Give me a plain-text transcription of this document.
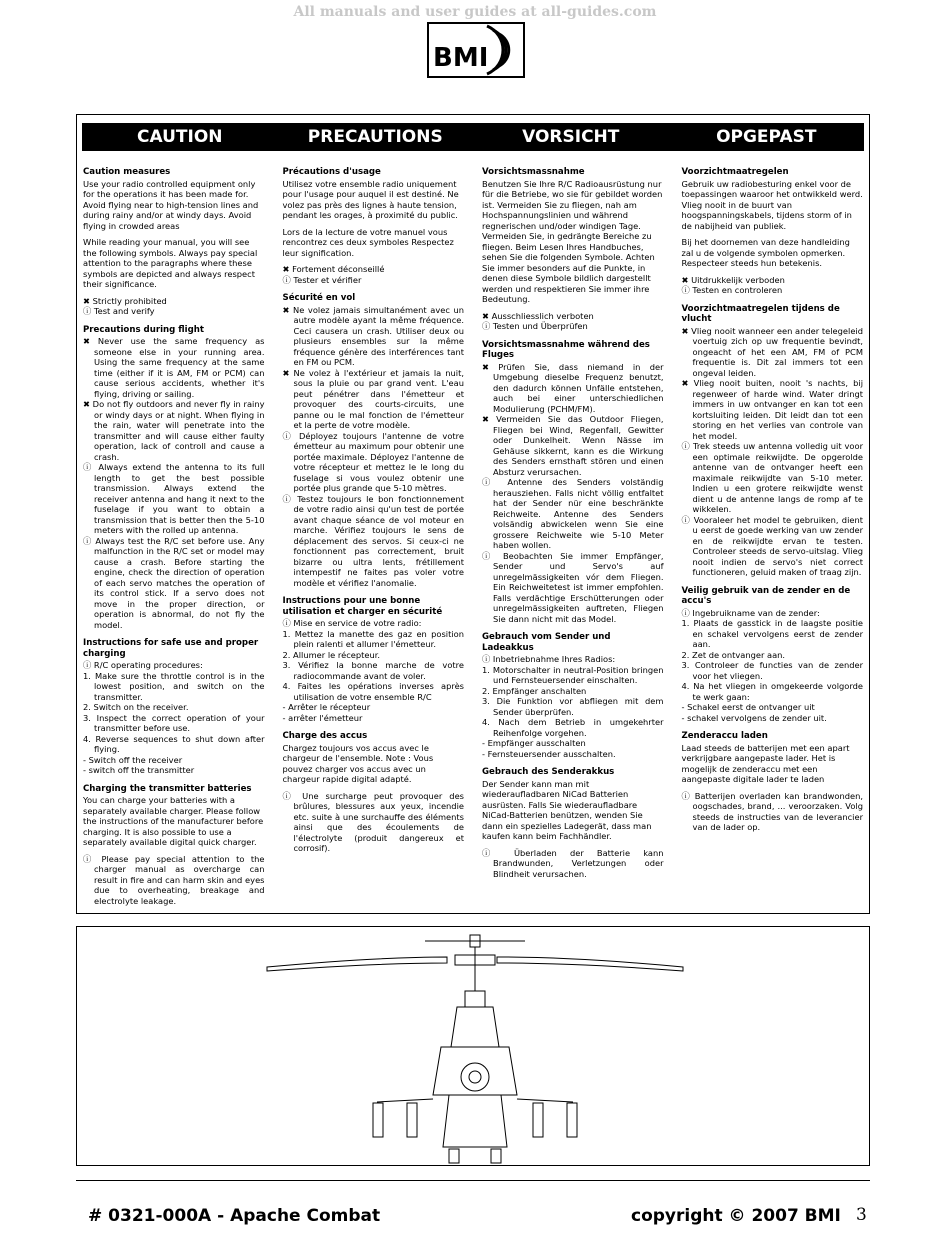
All manuals and user guides at all-guides.com
BMI
CAUTION	PRECAUTIONS	VORSICHT	OPGEPAST
Caution measures

Use your radio controlled equipment only for the operations it has been made for. Avoid flying near to high-tension lines and during rainy and/or at windy days. Avoid flying in crowded areas

While reading your manual, you will see the following symbols. Always pay special attention to the paragraphs where these symbols are depicted and always respect their significance.

✖ Strictly prohibited
ⓘ Test and verify
Precautions during flight
✖ Never use the same frequency as someone else in your running area. Using the same frequency at the same time (either if it is AM, FM or PCM) can cause serious accidents, whether it's flying, driving or sailing.
✖ Do not fly outdoors and never fly in rainy or windy days or at night. When flying in the rain, water will penetrate into the transmitter and will cause either faulty operation, lack of controll and cause a crash.
ⓘ Always extend the antenna to its full length to get the best possible transmission. Always extend the receiver antenna and hang it next to the fuselage if you want to obtain a transmission that is better then the 5-10 meters with the rolled up antenna.
ⓘ Always test the R/C set before use. Any malfunction in the R/C set or model may cause a crash. Before starting the engine, check the direction of operation of each servo matches the operation of its control stick. If a servo does not move in the proper direction, or operation is abnormal, do not fly the model.
Instructions for safe use and proper charging
ⓘ R/C operating procedures:
1. Make sure the throttle control is in the lowest position, and switch on the transmitter.
2. Switch on the receiver.
3. Inspect the correct operation of your transmitter before use.
4. Reverse sequences to shut down after flying.
- Switch off the receiver
- switch off the transmitter
Charging the transmitter batteries

You can charge your batteries with a separately available charger. Please follow the instructions of the manufacturer before charging. It is also possible to use a separately available digital quick charger.

ⓘ Please pay special attention to the charger manual as overcharge can result in fire and can harm skin and eyes due to overheating, breakage and electrolyte leakage.
Précautions d'usage

Utilisez votre ensemble radio uniquement pour l'usage pour auquel il est destiné. Ne volez pas près des lignes à haute tension, pendant les orages, à proximité du public.

Lors de la lecture de votre manuel vous rencontrez ces deux symboles Respectez leur signification.

✖ Fortement déconseillé
ⓘ Tester et vérifier
Sécurité en vol
✖ Ne volez jamais simultanément avec un autre modèle ayant la même fréquence. Ceci causera un crash. Utiliser deux ou plusieurs ensembles sur la même fréquence génère des interférences tant en FM ou PCM.
✖ Ne volez à l'extérieur et jamais la nuit, sous la pluie ou par grand vent. L'eau peut pénétrer dans l'émetteur et provoquer des courts-circuits, une panne ou le mal fonction de l'émetteur et la perte de votre modèle.
ⓘ Déployez toujours l'antenne de votre émetteur au maximum pour obtenir une portée maximale. Déployez l'antenne de votre récepteur et mettez le le long du fuselage si vous voulez obtenir une portée plus grande que 5-10 mètres.
ⓘ Testez toujours le bon fonctionnement de votre radio ainsi qu'un test de portée avant chaque séance de vol moteur en marche. Vérifiez toujours le sens de déplacement des servos. Si ceux-ci ne fonctionnent pas correctement, bruit bizarre ou ultra lents, frétillement intempestif ne faites pas voler votre modèle et vérifiez l'anomalie.
Instructions pour une bonne utilisation et charger en sécurité
ⓘ Mise en service de votre radio:
1. Mettez la manette des gaz en position plein ralenti et allumer l'émetteur.
2. Allumer le récepteur.
3. Vérifiez la bonne marche de votre radiocommande avant de voler.
4. Faites les opérations inverses après utilisation de votre ensemble R/C
- Arrêter le récepteur
- arrêter l'émetteur
Charge des accus

Chargez toujours vos accus avec le chargeur de l'ensemble. Note : Vous pouvez charger vos accus avec un chargeur rapide digital adapté.

ⓘ Une surcharge peut provoquer des brûlures, blessures aux yeux, incendie etc. suite à une surchauffe des éléments ainsi que des écoulements de l'électrolyte (produit dangereux et corrosif).
Vorsichtsmassnahme

Benutzen Sie Ihre R/C Radioausrüstung nur für die Betriebe, wo sie für gebildet worden ist. Vermeiden Sie zu fliegen, nah am Hochspannungslinien und während regnerischen und/oder windigen Tage. Vermeiden Sie, in gedrängte Bereiche zu fliegen. Beim Lesen Ihres Handbuches, sehen Sie die folgenden Symbole. Achten Sie immer besonders auf die Punkte, in denen diese Symbole bildlich dargestellt werden und respektieren Sie immer ihre Bedeutung.

✖ Ausschliesslich verboten
ⓘ Testen und Überprüfen
Vorsichtsmassnahme während des Fluges
✖ Prüfen Sie, dass niemand in der Umgebung dieselbe Frequenz benutzt, den dadurch können Unfälle entstehen, auch bei einer unterschiedlichen Modulierung (PCHM/FM).
✖ Vermeiden Sie das Outdoor Fliegen, Fliegen bei Wind, Regenfall, Gewitter oder Dunkelheit. Wenn Nässe im Gehäuse sikkernt, kann es die Wirkung des Senders ernsthaft stören und einen Absturz verursachen.
ⓘ Antenne des Senders volständig herausziehen. Falls nicht völlig entfaltet hat der Sender nür eine beschränkte Reichweite. Antenne des Senders volsändig abwickelen wenn Sie eine grossere Reichweite wie 5-10 Meter haben wollen.
ⓘ Beobachten Sie immer Empfänger, Sender und Servo's auf unregelmässigkeiten vór dem Fliegen. Ein Reichweitetest ist immer empfohlen. Falls verdächtige Erschütterungen oder unregelmässigkeiten auftreten, Fliegen Sie dann nicht mit das Model.
Gebrauch vom Sender und Ladeakkus
ⓘ Inbetriebnahme Ihres Radios:
1. Motorschalter in neutral-Position bringen und Fernsteuersender einschalten.
2. Empfänger anschalten
3. Die Funktion vor abfliegen mit dem Sender überprüfen.
4. Nach dem Betrieb in umgekehrter Reihenfolge vorgehen.
- Empfänger ausschalten
- Fernsteuersender ausschalten.
Gebrauch des Senderakkus

Der Sender kann man mit wiederaufladbaren NiCad Batterien ausrüsten. Falls Sie wiederaufladbare NiCad-Batterien benützen, wenden Sie dann ein spezielles Ladegerät, dass man kaufen kann beim Fachhändler.

ⓘ Überladen der Batterie kann Brandwunden, Verletzungen oder Blindheit verursachen.
Voorzichtmaatregelen

Gebruik uw radiobesturing enkel voor de toepassingen waaroor het ontwikkeld werd. Vlieg nooit in de buurt van hoogspanningskabels, tijdens storm of in de nabijheid van publiek.

Bij het doornemen van deze handleiding zal u de volgende symbolen opmerken. Respecteer steeds hun betekenis.

✖ Uitdrukkelijk verboden
ⓘ Testen en controleren
Voorzichtmaatregelen tijdens de vlucht
✖ Vlieg nooit wanneer een ander telegeleid voertuig zich op uw frequentie bevindt, ongeacht of het een AM, FM of PCM frequentie is. Dit zal immers tot een ongeval leiden.
✖ Vlieg nooit buiten, nooit 's nachts, bij regenweer of harde wind. Water dringt immers in uw ontvanger en kan tot een kortsluiting leiden. Dit leidt dan tot een storing en het verlies van controle van het model.
ⓘ Trek steeds uw antenna volledig uit voor een optimale reikwijdte. De opgerolde antenne van de ontvanger heeft een maximale reikwijdte van 5-10 meter. Indien u een grotere reikwijdte wenst dient u de antenne langs de romp af te wikkelen.
ⓘ Vooraleer het model te gebruiken, dient u eerst de goede werking van uw zender en de reikwijdte ervan te testen. Controleer steeds de servo-uitslag. Vlieg nooit indien de servo's niet correct functioneren, geluid maken of traag zijn.
Veilig gebruik van de zender en de accu's
ⓘ Ingebruikname van de zender:
1. Plaats de gasstick in de laagste positie en schakel vervolgens eerst de zender aan.
2. Zet de ontvanger aan.
3. Controleer de functies van de zender voor het vliegen.
4. Na het vliegen in omgekeerde volgorde te werk gaan:
- Schakel eerst de ontvanger uit
- schakel vervolgens de zender uit.
Zenderaccu laden

Laad steeds de batterijen met een apart verkrijgbare aangepaste lader. Het is mogelijk de zenderaccu met een aangepaste digitale lader te laden

ⓘ Batterijen overladen kan brandwonden, oogschades, brand, ... veroorzaken. Volg steeds de instructies van de leverancier van de lader op.
# 0321-000A - Apache Combat	copyright © 2007 BMI 3
